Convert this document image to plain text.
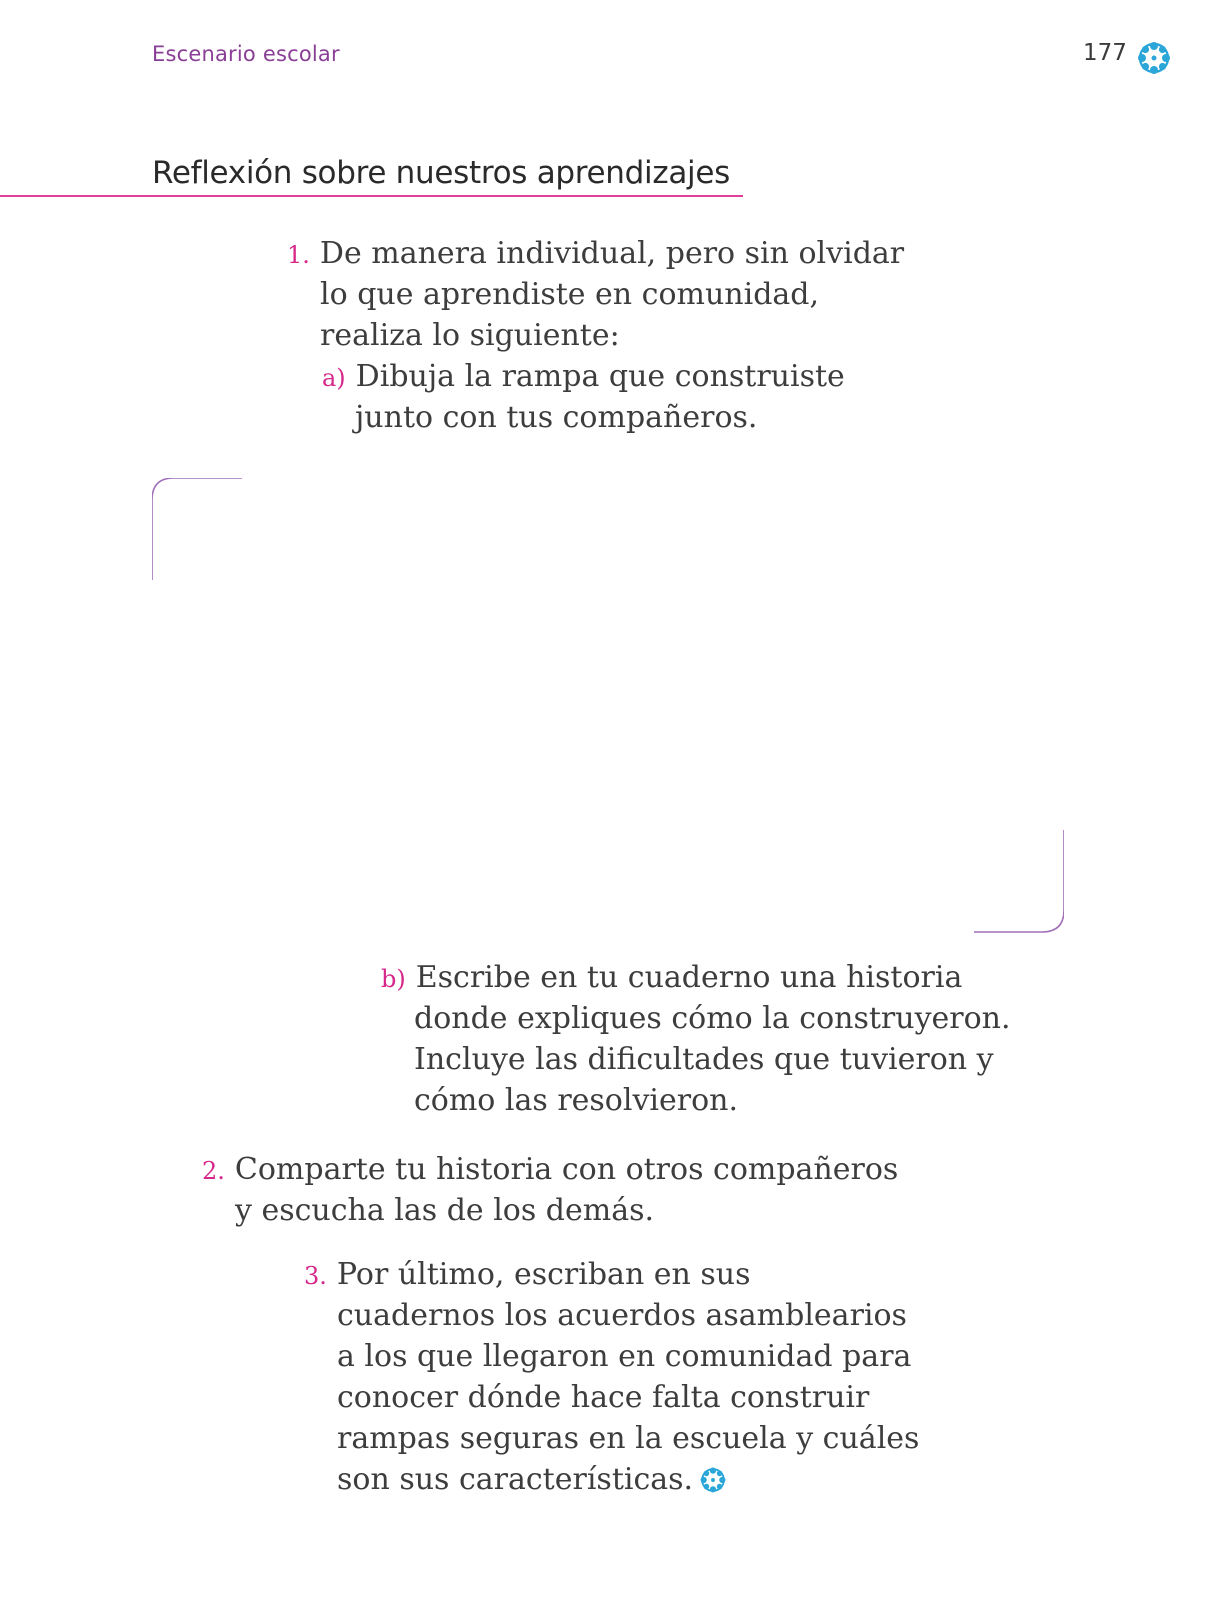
Escenario escolar	177
Reflexión sobre nuestros aprendizajes
1. De manera individual, pero sin olvidar
lo que aprendiste en comunidad,
realiza lo siguiente:
a) Dibuja la rampa que construiste
junto con tus compañeros.
b) Escribe en tu cuaderno una historia
donde expliques cómo la construyeron.
Incluye las dificultades que tuvieron y
cómo las resolvieron.
2. Comparte tu historia con otros compañeros
y escucha las de los demás.
3. Por último, escriban en sus
cuadernos los acuerdos asamblearios
a los que llegaron en comunidad para
conocer dónde hace falta construir
rampas seguras en la escuela y cuáles
son sus características.
